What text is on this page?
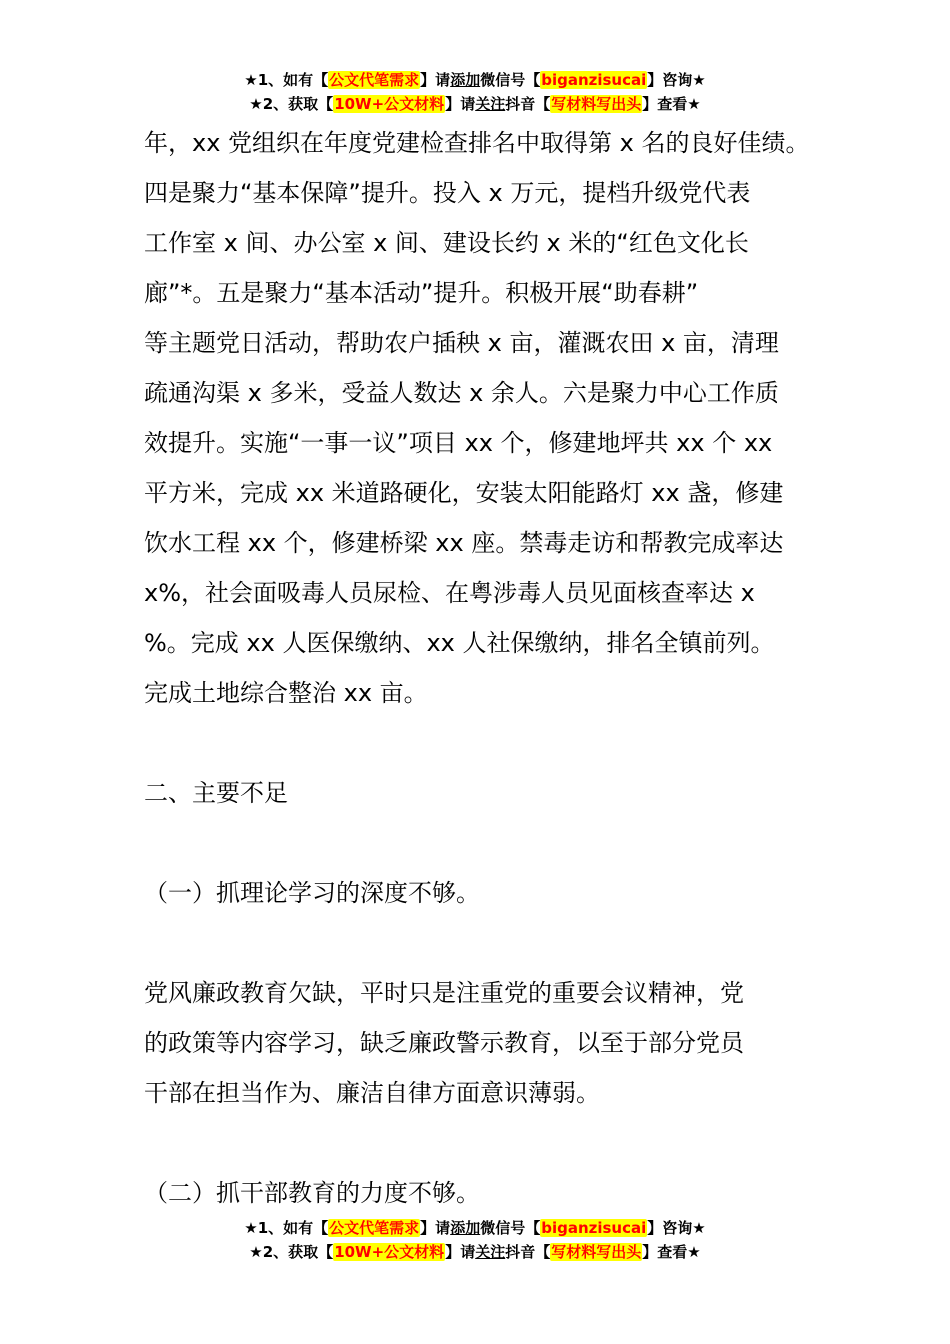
★1、如有【公文代笔需求】请添加微信号【biganzisucai】咨询★
★2、获取【10W+公文材料】请关注抖音【写材料写出头】查看★

年，xx 党组织在年度党建检查排名中取得第 x 名的良好佳绩。

四是聚力“基本保障”提升。投入 x 万元，提档升级党代表

工作室 x 间、办公室 x 间、建设长约 x 米的“红色文化长

廊”*。五是聚力“基本活动”提升。积极开展“助春耕”

等主题党日活动，帮助农户插秧 x 亩，灌溉农田 x 亩，清理

疏通沟渠 x 多米，受益人数达 x 余人。六是聚力中心工作质

效提升。实施“一事一议”项目 xx 个，修建地坪共 xx 个 xx

平方米，完成 xx 米道路硬化，安装太阳能路灯 xx 盏，修建

饮水工程 xx 个，修建桥梁 xx 座。禁毒走访和帮教完成率达

x%，社会面吸毒人员尿检、在粤涉毒人员见面核查率达 x

%。完成 xx 人医保缴纳、xx 人社保缴纳，排名全镇前列。

完成土地综合整治 xx 亩。

二、主要不足

（一）抓理论学习的深度不够。

党风廉政教育欠缺，平时只是注重党的重要会议精神，党

的政策等内容学习，缺乏廉政警示教育，以至于部分党员

干部在担当作为、廉洁自律方面意识薄弱。

（二）抓干部教育的力度不够。

★1、如有【公文代笔需求】请添加微信号【biganzisucai】咨询★
★2、获取【10W+公文材料】请关注抖音【写材料写出头】查看★
